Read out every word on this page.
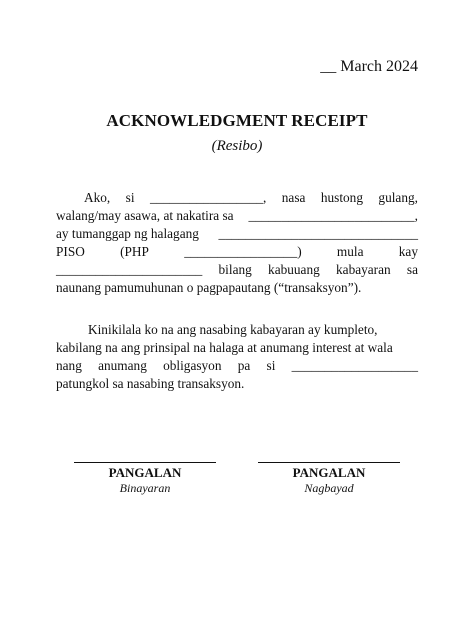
__ March 2024
ACKNOWLEDGMENT RECEIPT
(Resibo)
Ako, si _________________, nasa hustong gulang,
walang/may asawa, at nakatira sa _________________________,
ay tumanggap ng halagang ______________________________
PISO	(PHP	_________________)	mula	kay
______________________ bilang kabuuang kabayaran sa
naunang pamumuhunan o pagpapautang (“transaksyon”).
Kinikilala ko na ang nasabing kabayaran ay kumpleto,
kabilang na ang prinsipal na halaga at anumang interest at wala
nang anumang obligasyon pa si ___________________
patungkol sa nasabing transaksyon.
PANGALAN
Binayaran
PANGALAN
Nagbayad
